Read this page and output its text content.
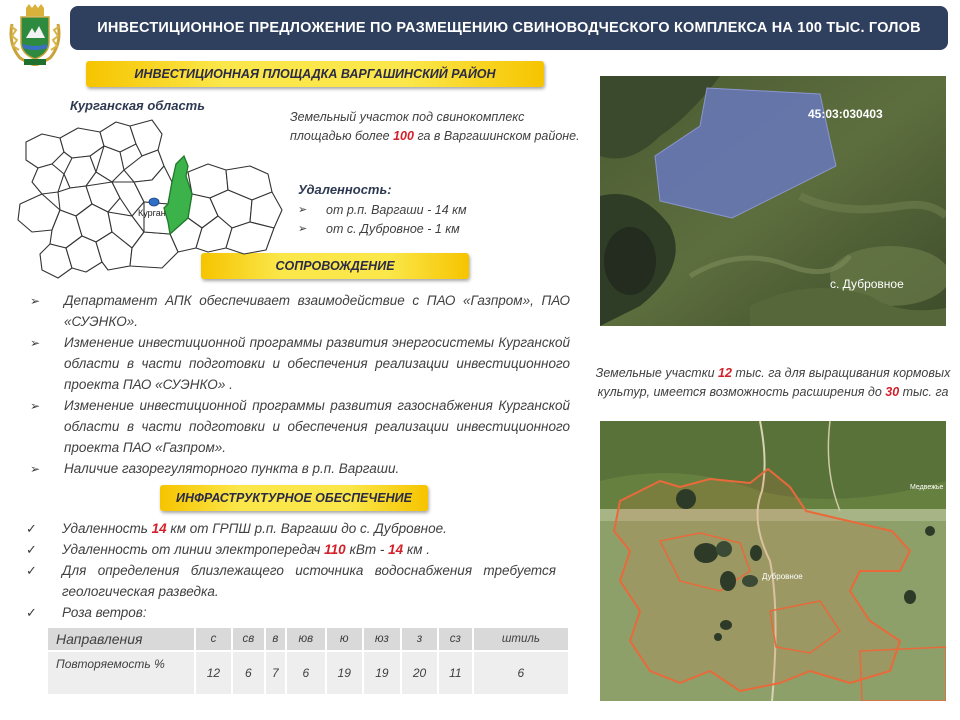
ИНВЕСТИЦИОННОЕ ПРЕДЛОЖЕНИЕ ПО РАЗМЕЩЕНИЮ СВИНОВОДЧЕСКОГО КОМПЛЕКСА НА 100 ТЫС. ГОЛОВ
ИНВЕСТИЦИОННАЯ ПЛОЩАДКА ВАРГАШИНСКИЙ РАЙОН
СОПРОВОЖДЕНИЕ
ИНФРАСТРУКТУРНОЕ ОБЕСПЕЧЕНИЕ
Курганская область
Курган
Земельный участок под свинокомплекс площадью более 100 га в Варгашинском районе.
Удаленность:
➢	от р.п. Варгаши - 14 км
➢	от с. Дубровное - 1 км
➢	Департамент АПК обеспечивает взаимодействие с ПАО «Газпром», ПАО «СУЭНКО».
➢	Изменение инвестиционной программы развития энергосистемы Курганской области в части подготовки и обеспечения реализации инвестиционного проекта ПАО «СУЭНКО» .
➢	Изменение инвестиционной программы развития газоснабжения Курганской области в части подготовки и обеспечения реализации инвестиционного проекта ПАО «Газпром».
➢	Наличие газорегуляторного пункта в р.п. Варгаши.
✓	Удаленность 14 км от ГРПШ р.п. Варгаши до с. Дубровное.
✓	Удаленность от линии электропередач 110 кВт - 14 км .
✓	Для определения близлежащего источника водоснабжения требуется геологическая разведка.
✓	Роза ветров:
Направления	с	св	в	юв	ю	юз	з	сз	штиль
Повторяемость %	12	6	7	6	19	19	20	11	6
45:03:030403
с. Дубровное
Земельные участки 12 тыс. га для выращивания кормовых культур, имеется возможность расширения до 30 тыс. га
Дубровное
Медвежье
